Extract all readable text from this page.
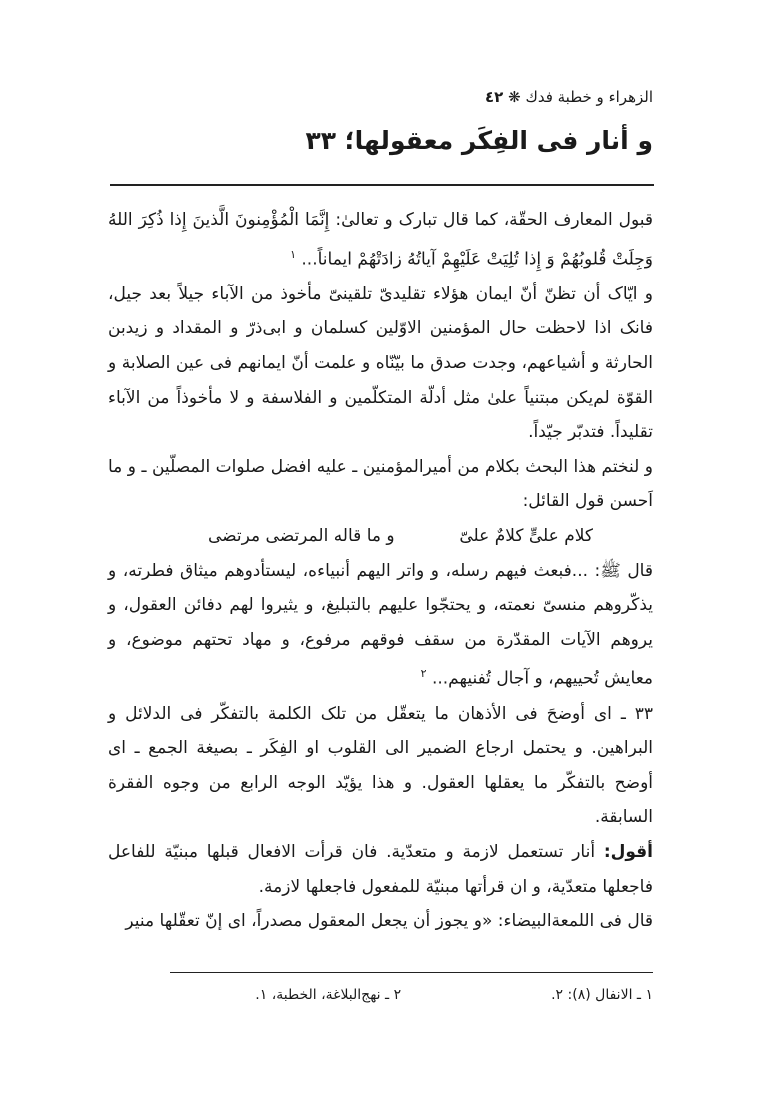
الزهراء و خطبة فدك ❋ ٤٢
و أنار فی الفِکَر معقولها؛ ٣٣

قبول المعارف الحقّة، کما قال تبارک و تعالیٰ: إِنَّمَا الْمُؤْمِنونَ الَّذینَ إِذا ذُکِرَ اللهُ وَجِلَتْ قُلوبُهُمْ وَ إِذا تُلِیَتْ عَلَیْهِمْ آیاتُهُ زادَتْهُمْ ایماناً... $^١$

و ایّاک أن تظنّ أنّ ایمان هؤلاء تقلیدیّ تلقینیّ مأخوذ من الآباء جیلاً بعد جیل، فانک اذا لاحظت حال المؤمنین الاوّلین کسلمان و ابی‌ذرّ و المقداد و زیدبن الحارثة و أشیاعهم، وجدت صدق ما بیّنّاه و علمت أنّ ایمانهم فی عین الصلابة و القوّة لم‌یکن مبتنیاً علیٰ مثل أدلّة المتکلّمین و الفلاسفة و لا مأخوذاً من الآباء تقلیداً. فتدبّر جیّداً.

و لنختم هذا البحث بکلام من أمیرالمؤمنین ـ علیه افضل صلوات المصلّین ـ و ما اَحسن قول القائل:

کلام علیٍّ کلامٌ علیّ
و ما قاله المرتضی مرتضی

قال ﷺ: ...فبعث فیهم رسله، و واتر الیهم أنبیاءه، لیستأدوهم میثاق فطرته، و یذکّروهم منسیّ نعمته، و یحتجّوا علیهم بالتبلیغ، و یثیروا لهم دفائن العقول، و یروهم الآیات المقدّرة من سقف فوقهم مرفوع، و مهاد تحتهم موضوع، و معایش تُحییهم، و آجال تُفنیهم... $^٢$

٣٣ ـ ای أوضحَ فی الأذهان ما یتعقّل من تلک الکلمة بالتفکّر فی الدلائل و البراهین. و یحتمل ارجاع الضمیر الی القلوب او الفِکَر ـ بصیغة الجمع ـ ای أوضح بالتفکّر ما یعقلها العقول. و هذا یؤیّد الوجه الرابع من وجوه الفقرة السابقة.

أقول: أنار تستعمل لازمة و متعدّیة. فان قرأت الافعال قبلها مبنیّة للفاعل فاجعلها متعدّیة، و ان قرأتها مبنیّة للمفعول فاجعلها لازمة.

قال فی اللمعةالبیضاء: «و یجوز أن یجعل المعقول مصدراً، ای إنّ تعقّلها منیر

١ ـ الانفال (٨): ٢.
٢ ـ نهج‌البلاغة، الخطبة، ١.
